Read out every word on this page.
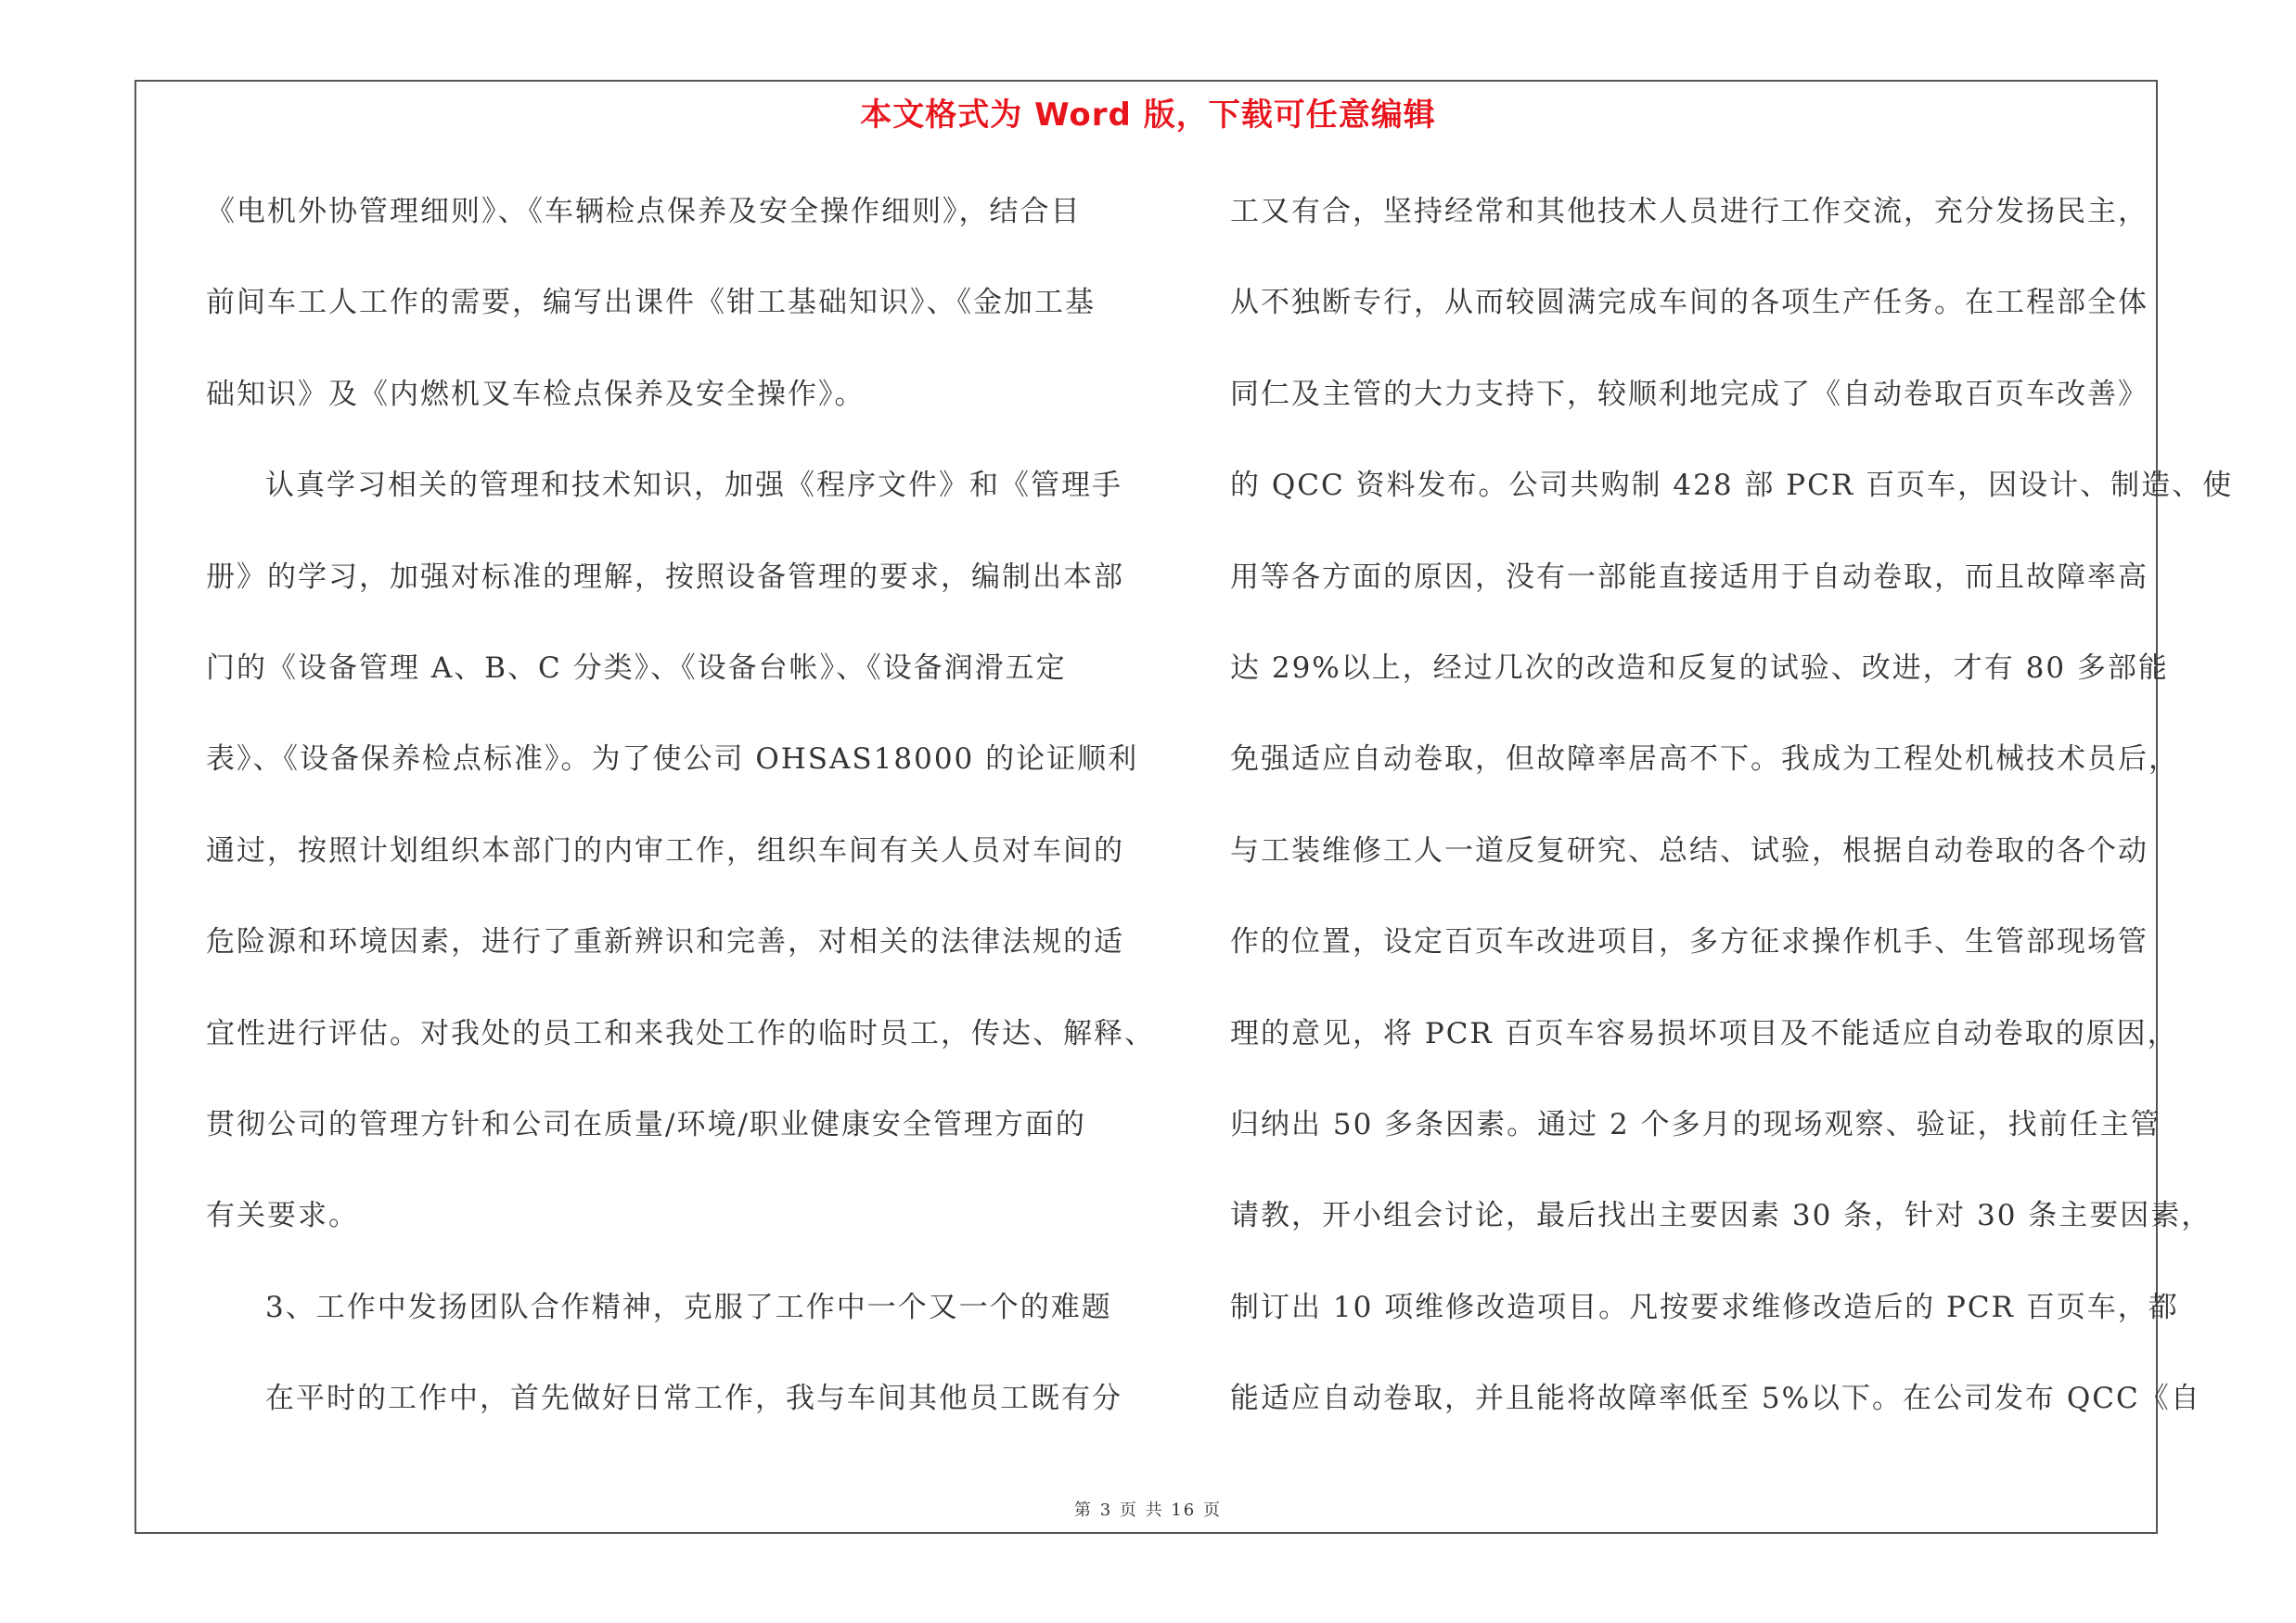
本文格式为 Word 版，下载可任意编辑
《电机外协管理细则》、《车辆检点保养及安全操作细则》，结合目
前间车工人工作的需要，编写出课件《钳工基础知识》、《金加工基
础知识》及《内燃机叉车检点保养及安全操作》。
认真学习相关的管理和技术知识，加强《程序文件》和《管理手
册》的学习，加强对标准的理解，按照设备管理的要求，编制出本部
门的《设备管理 A、B、C 分类》、《设备台帐》、《设备润滑五定
表》、《设备保养检点标准》。为了使公司 OHSAS18000 的论证顺利
通过，按照计划组织本部门的内审工作，组织车间有关人员对车间的
危险源和环境因素，进行了重新辨识和完善，对相关的法律法规的适
宜性进行评估。对我处的员工和来我处工作的临时员工，传达、解释、
贯彻公司的管理方针和公司在质量/环境/职业健康安全管理方面的
有关要求。
3、工作中发扬团队合作精神，克服了工作中一个又一个的难题
在平时的工作中，首先做好日常工作，我与车间其他员工既有分
工又有合，坚持经常和其他技术人员进行工作交流，充分发扬民主，
从不独断专行，从而较圆满完成车间的各项生产任务。在工程部全体
同仁及主管的大力支持下，较顺利地完成了《自动卷取百页车改善》
的 QCC 资料发布。公司共购制 428 部 PCR 百页车，因设计、制造、使
用等各方面的原因，没有一部能直接适用于自动卷取，而且故障率高
达 29%以上，经过几次的改造和反复的试验、改进，才有 80 多部能
免强适应自动卷取，但故障率居高不下。我成为工程处机械技术员后，
与工装维修工人一道反复研究、总结、试验，根据自动卷取的各个动
作的位置，设定百页车改进项目，多方征求操作机手、生管部现场管
理的意见，将 PCR 百页车容易损坏项目及不能适应自动卷取的原因，
归纳出 50 多条因素。通过 2 个多月的现场观察、验证，找前任主管
请教，开小组会讨论，最后找出主要因素 30 条，针对 30 条主要因素，
制订出 10 项维修改造项目。凡按要求维修改造后的 PCR 百页车，都
能适应自动卷取，并且能将故障率低至 5%以下。在公司发布 QCC《自
第 3 页 共 16 页
